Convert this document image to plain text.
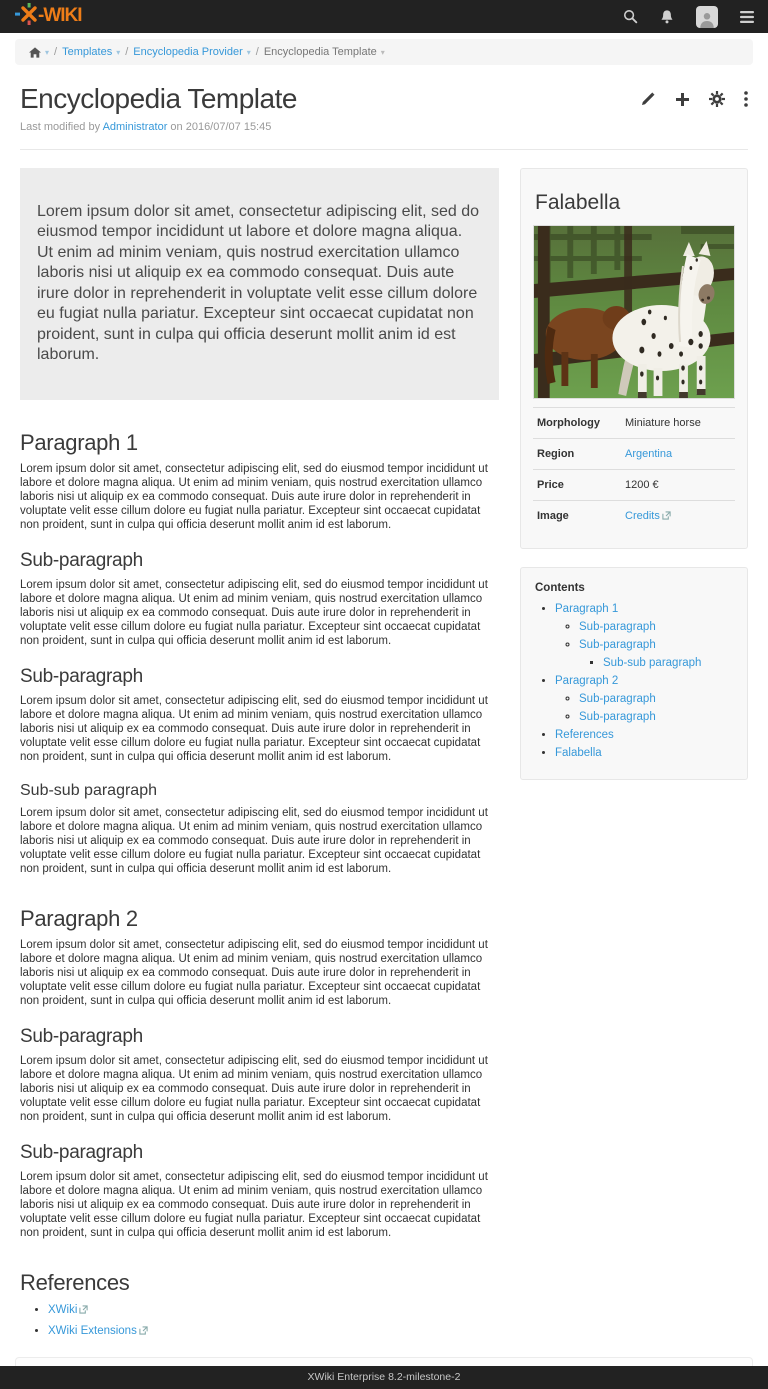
-WIKI
▾ / Templates ▾ / Encyclopedia Provider ▾ / Encyclopedia Template ▾
Encyclopedia Template
Last modified by Administrator on 2016/07/07 15:45
Lorem ipsum dolor sit amet, consectetur adipiscing elit, sed do eiusmod tempor incididunt ut labore et dolore magna aliqua. Ut enim ad minim veniam, quis nostrud exercitation ullamco laboris nisi ut aliquip ex ea commodo consequat. Duis aute irure dolor in reprehenderit in voluptate velit esse cillum dolore eu fugiat nulla pariatur. Excepteur sint occaecat cupidatat non proident, sunt in culpa qui officia deserunt mollit anim id est laborum.
Paragraph 1

Lorem ipsum dolor sit amet, consectetur adipiscing elit, sed do eiusmod tempor incididunt ut labore et dolore magna aliqua. Ut enim ad minim veniam, quis nostrud exercitation ullamco laboris nisi ut aliquip ex ea commodo consequat. Duis aute irure dolor in reprehenderit in voluptate velit esse cillum dolore eu fugiat nulla pariatur. Excepteur sint occaecat cupidatat non proident, sunt in culpa qui officia deserunt mollit anim id est laborum.

Sub-paragraph

Lorem ipsum dolor sit amet, consectetur adipiscing elit, sed do eiusmod tempor incididunt ut labore et dolore magna aliqua. Ut enim ad minim veniam, quis nostrud exercitation ullamco laboris nisi ut aliquip ex ea commodo consequat. Duis aute irure dolor in reprehenderit in voluptate velit esse cillum dolore eu fugiat nulla pariatur. Excepteur sint occaecat cupidatat non proident, sunt in culpa qui officia deserunt mollit anim id est laborum.

Sub-paragraph

Lorem ipsum dolor sit amet, consectetur adipiscing elit, sed do eiusmod tempor incididunt ut labore et dolore magna aliqua. Ut enim ad minim veniam, quis nostrud exercitation ullamco laboris nisi ut aliquip ex ea commodo consequat. Duis aute irure dolor in reprehenderit in voluptate velit esse cillum dolore eu fugiat nulla pariatur. Excepteur sint occaecat cupidatat non proident, sunt in culpa qui officia deserunt mollit anim id est laborum.

Sub-sub paragraph

Lorem ipsum dolor sit amet, consectetur adipiscing elit, sed do eiusmod tempor incididunt ut labore et dolore magna aliqua. Ut enim ad minim veniam, quis nostrud exercitation ullamco laboris nisi ut aliquip ex ea commodo consequat. Duis aute irure dolor in reprehenderit in voluptate velit esse cillum dolore eu fugiat nulla pariatur. Excepteur sint occaecat cupidatat non proident, sunt in culpa qui officia deserunt mollit anim id est laborum.

Paragraph 2

Lorem ipsum dolor sit amet, consectetur adipiscing elit, sed do eiusmod tempor incididunt ut labore et dolore magna aliqua. Ut enim ad minim veniam, quis nostrud exercitation ullamco laboris nisi ut aliquip ex ea commodo consequat. Duis aute irure dolor in reprehenderit in voluptate velit esse cillum dolore eu fugiat nulla pariatur. Excepteur sint occaecat cupidatat non proident, sunt in culpa qui officia deserunt mollit anim id est laborum.

Sub-paragraph

Lorem ipsum dolor sit amet, consectetur adipiscing elit, sed do eiusmod tempor incididunt ut labore et dolore magna aliqua. Ut enim ad minim veniam, quis nostrud exercitation ullamco laboris nisi ut aliquip ex ea commodo consequat. Duis aute irure dolor in reprehenderit in voluptate velit esse cillum dolore eu fugiat nulla pariatur. Excepteur sint occaecat cupidatat non proident, sunt in culpa qui officia deserunt mollit anim id est laborum.

Sub-paragraph

Lorem ipsum dolor sit amet, consectetur adipiscing elit, sed do eiusmod tempor incididunt ut labore et dolore magna aliqua. Ut enim ad minim veniam, quis nostrud exercitation ullamco laboris nisi ut aliquip ex ea commodo consequat. Duis aute irure dolor in reprehenderit in voluptate velit esse cillum dolore eu fugiat nulla pariatur. Excepteur sint occaecat cupidatat non proident, sunt in culpa qui officia deserunt mollit anim id est laborum.

References
• XWiki
• XWiki Extensions
Falabella
Morphology	Miniature horse
Region	Argentina
Price	1200 €
Image	Credits
Contents
• Paragraph 1
◦ Sub-paragraph
◦ Sub-paragraph
▪ Sub-sub paragraph
• Paragraph 2
◦ Sub-paragraph
◦ Sub-paragraph
• References
• Falabella
XWiki Enterprise 8.2-milestone-2
